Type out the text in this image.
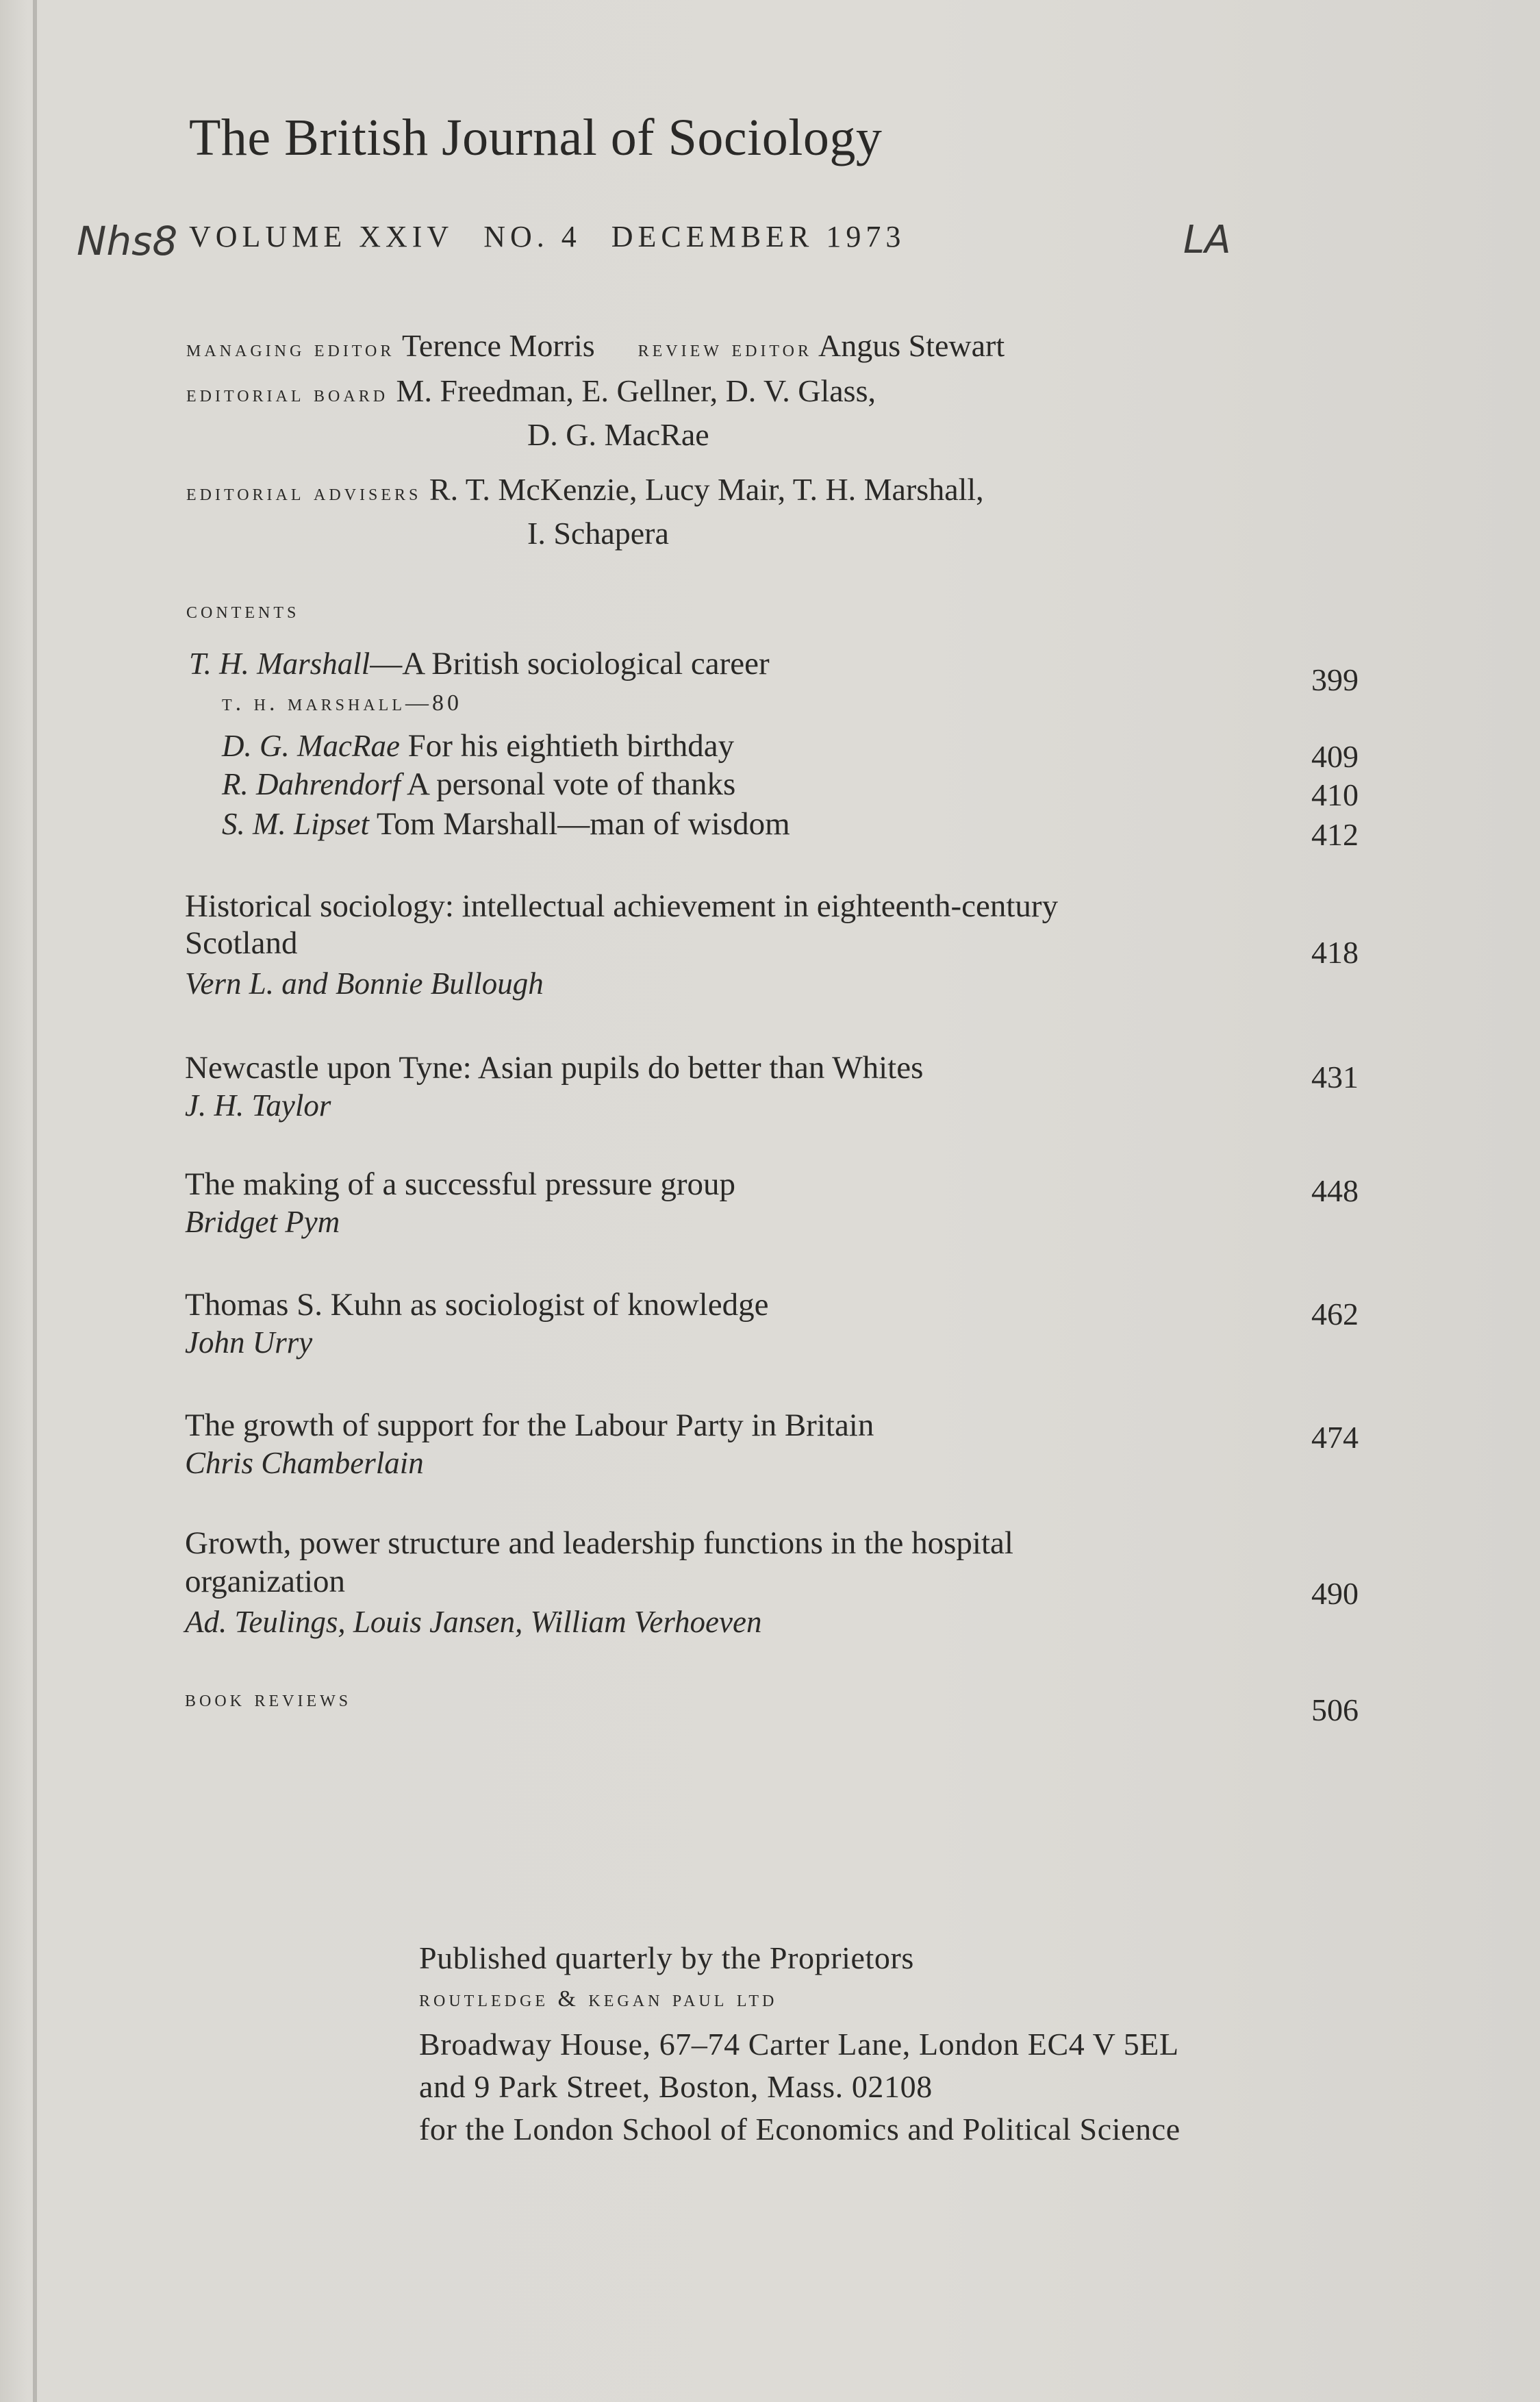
The British Journal of Sociology
Nhs8 VOLUME XXIV NO. 4 DECEMBER 1973	LA
managing editor Terence Morris review editor Angus Stewart
editorial board M. Freedman, E. Gellner, D. V. Glass,
D. G. MacRae
editorial advisers R. T. McKenzie, Lucy Mair, T. H. Marshall,
I. Schapera
contents
T. H. Marshall—A British sociological career	399
t. h. marshall—80
D. G. MacRae For his eightieth birthday	409
R. Dahrendorf A personal vote of thanks	410
S. M. Lipset Tom Marshall—man of wisdom	412
Historical sociology: intellectual achievement in eighteenth-century
Scotland
Vern L. and Bonnie Bullough
418
Newcastle upon Tyne: Asian pupils do better than Whites
J. H. Taylor
431
The making of a successful pressure group
Bridget Pym
448
Thomas S. Kuhn as sociologist of knowledge
John Urry
462
The growth of support for the Labour Party in Britain
Chris Chamberlain
474
Growth, power structure and leadership functions in the hospital
organization
Ad. Teulings, Louis Jansen, William Verhoeven
490
book reviews	506
Published quarterly by the Proprietors
routledge & kegan paul ltd
Broadway House, 67–74 Carter Lane, London EC4 V 5EL
and 9 Park Street, Boston, Mass. 02108
for the London School of Economics and Political Science
